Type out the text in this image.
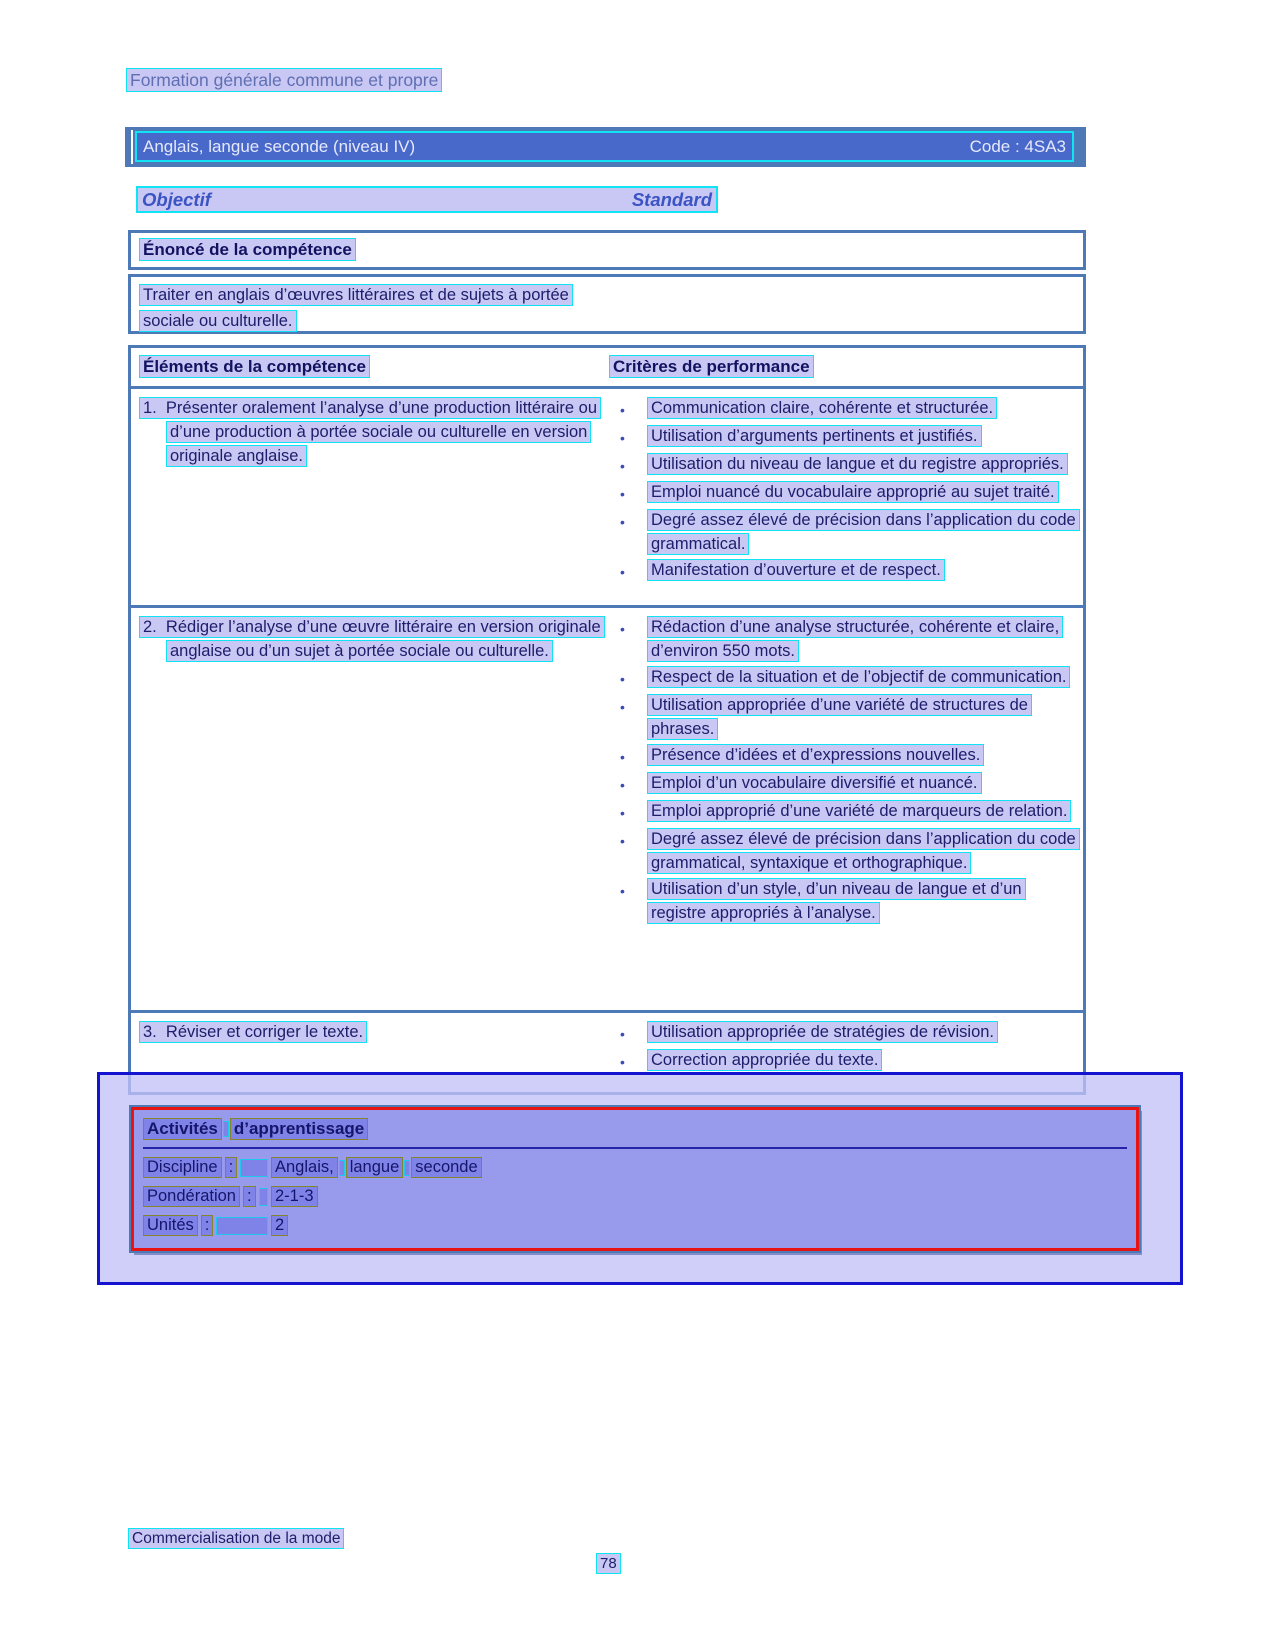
Formation générale commune et propre
Anglais, langue seconde (niveau IV)	Code : 4SA3
Objectif	Standard
Énoncé de la compétence
Traiter en anglais d’œuvres littéraires et de sujets à portée sociale ou culturelle.
Éléments de la compétence	Critères de performance
1.  Présenter oralement l’analyse d’une production littéraire ou d’une production à portée sociale ou culturelle en version originale anglaise.
•	Communication claire, cohérente et structurée.
•	Utilisation d’arguments pertinents et justifiés.
•	Utilisation du niveau de langue et du registre appropriés.
•	Emploi nuancé du vocabulaire approprié au sujet traité.
•	Degré assez élevé de précision dans l’application du code grammatical.
•	Manifestation d’ouverture et de respect.
2.  Rédiger l’analyse d’une œuvre littéraire en version originale anglaise ou d’un sujet à portée sociale ou culturelle.
•	Rédaction d’une analyse structurée, cohérente et claire, d’environ 550 mots.
•	Respect de la situation et de l’objectif de communication.
•	Utilisation appropriée d’une variété de structures de phrases.
•	Présence d’idées et d’expressions nouvelles.
•	Emploi d’un vocabulaire diversifié et nuancé.
•	Emploi approprié d’une variété de marqueurs de relation.
•	Degré assez élevé de précision dans l’application du code grammatical, syntaxique et orthographique.
•	Utilisation d’un style, d’un niveau de langue et d’un registre appropriés à l’analyse.
3.  Réviser et corriger le texte.	•	Utilisation appropriée de stratégies de révision.
•	Correction appropriée du texte.
Activités d’apprentissage
Discipline :	Anglais, langue seconde
Pondération : 2-1-3
Unités :	2
Commercialisation de la mode
78
